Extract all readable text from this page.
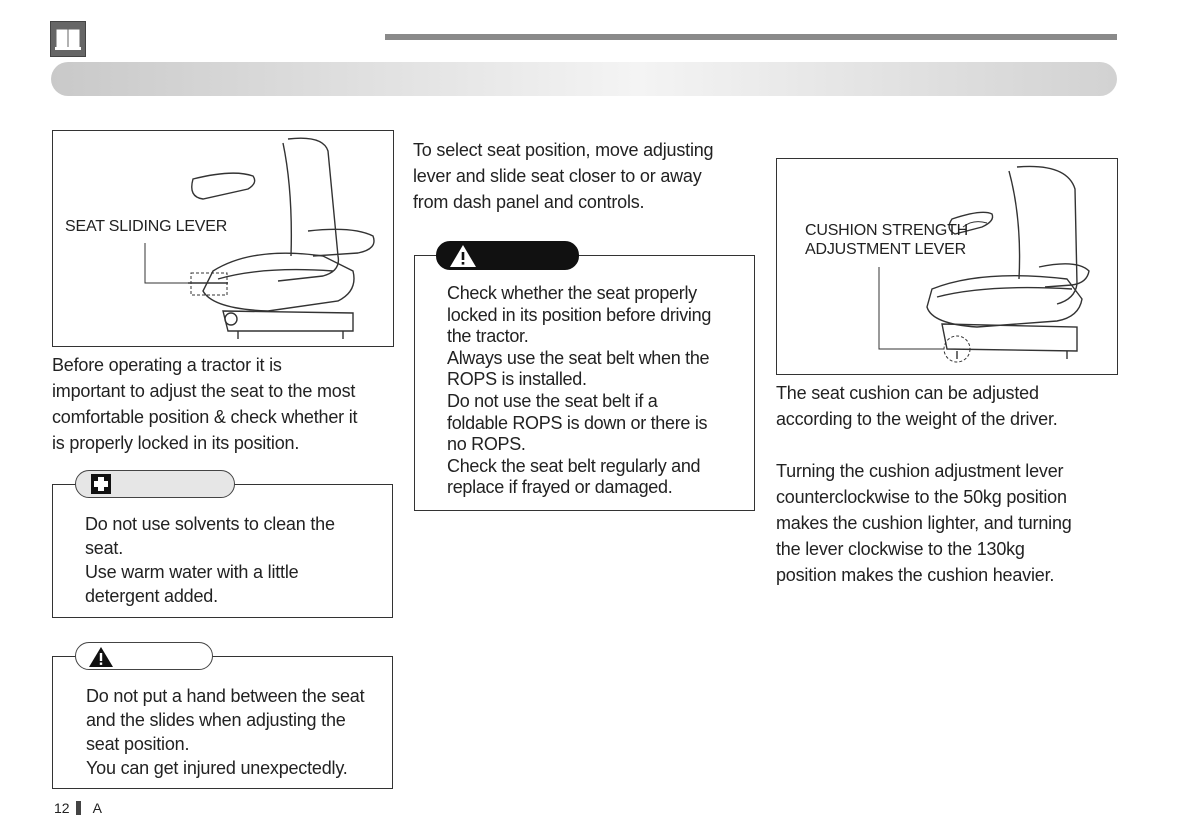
SEAT SLIDING LEVER
Before operating a tractor it is
important to adjust the seat to the most
comfortable position & check whether it
is properly locked in its position.
Do not use solvents to clean the
seat.
Use warm water with a little
detergent added.
Do not put a hand between the seat
and the slides when adjusting the
seat position.
You can get injured unexpectedly.
To select seat position, move adjusting
lever and slide seat closer to or away
from dash panel and controls.
Check whether the seat properly
locked in its position before driving
the tractor.
Always use the seat belt when the
ROPS is installed.
Do not use the seat belt if a
foldable ROPS is down or there is
no ROPS.
Check the seat belt regularly and
replace if frayed or damaged.
CUSHION STRENGTH
ADJUSTMENT LEVER
The seat cushion can be adjusted
according to the weight of the driver.
Turning the cushion adjustment lever
counterclockwise to the 50kg position
makes the cushion lighter, and turning
the lever clockwise to the 130kg
position makes the cushion heavier.
12 A
